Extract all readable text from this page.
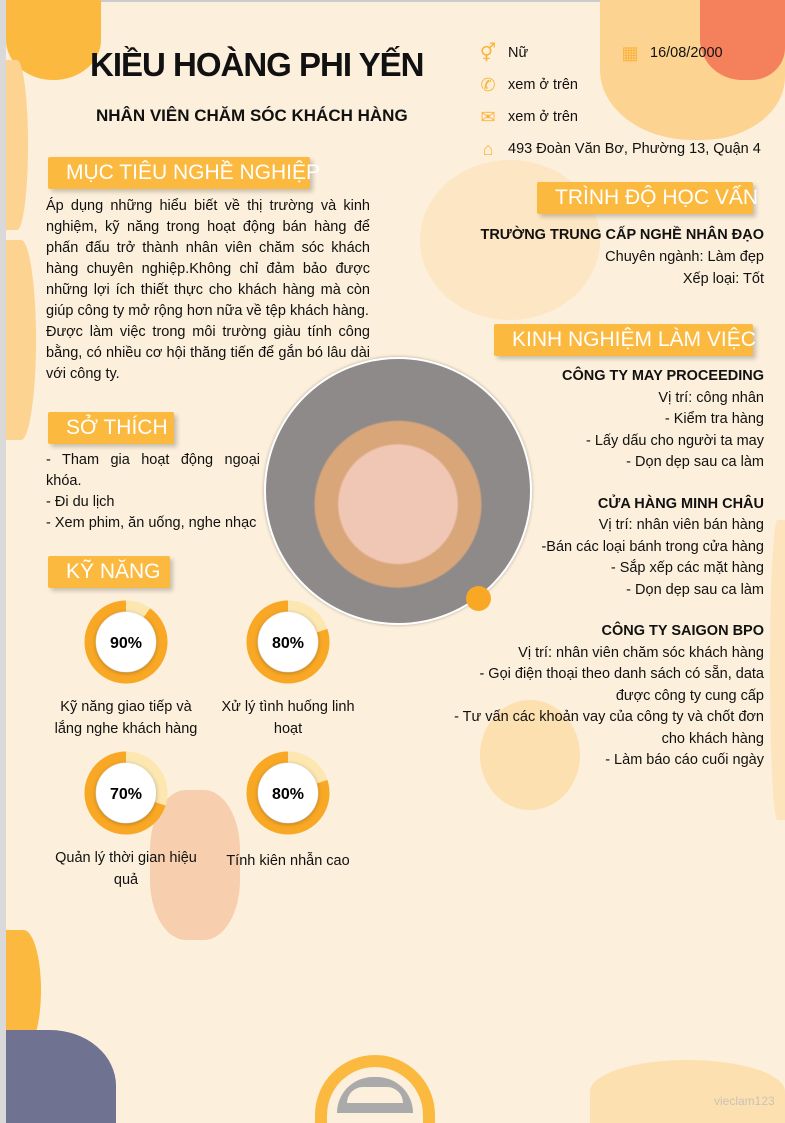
KIỀU HOÀNG PHI YẾN
NHÂN VIÊN CHĂM SÓC KHÁCH HÀNG
⚥ Nữ	▦ 16/08/2000
✆ xem ở trên
✉ xem ở trên
⌂	493 Đoàn Văn Bơ, Phường 13, Quận 4
MỤC TIÊU NGHỀ NGHIỆP
Áp dụng những hiểu biết về thị trường và kinh nghiệm, kỹ năng trong hoạt động bán hàng để phấn đấu trở thành nhân viên chăm sóc khách hàng chuyên nghiệp.Không chỉ đảm bảo được những lợi ích thiết thực cho khách hàng mà còn giúp công ty mở rộng hơn nữa về tệp khách hàng.
Được làm việc trong môi trường giàu tính công bằng, có nhiều cơ hội thăng tiến để gắn bó lâu dài với công ty.
SỞ THÍCH
- Tham gia hoạt động ngoại khóa.
- Đi du lịch
- Xem phim, ăn uống, nghe nhạc
KỸ NĂNG
90%
Kỹ năng giao tiếp và lắng nghe khách hàng
80%
Xử lý tình huống linh hoạt
70%
Quản lý thời gian hiệu quả
80%
Tính kiên nhẫn cao
TRÌNH ĐỘ HỌC VẤN
TRƯỜNG TRUNG CẤP NGHỀ NHÂN ĐẠO
Chuyên ngành: Làm đẹp
Xếp loại: Tốt
KINH NGHIỆM LÀM VIỆC
CÔNG TY MAY PROCEEDING
Vị trí: công nhân
- Kiểm tra hàng
- Lấy dấu cho người ta may
- Dọn dẹp sau ca làm
CỬA HÀNG MINH CHÂU
Vị trí: nhân viên bán hàng
-Bán các loại bánh trong cửa hàng
- Sắp xếp các mặt hàng
- Dọn dẹp sau ca làm
CÔNG TY SAIGON BPO
Vị trí: nhân viên chăm sóc khách hàng
- Gọi điện thoại theo danh sách có sẵn, data được công ty cung cấp
- Tư vấn các khoản vay của công ty và chốt đơn cho khách hàng
- Làm báo cáo cuối ngày
vieclam123
